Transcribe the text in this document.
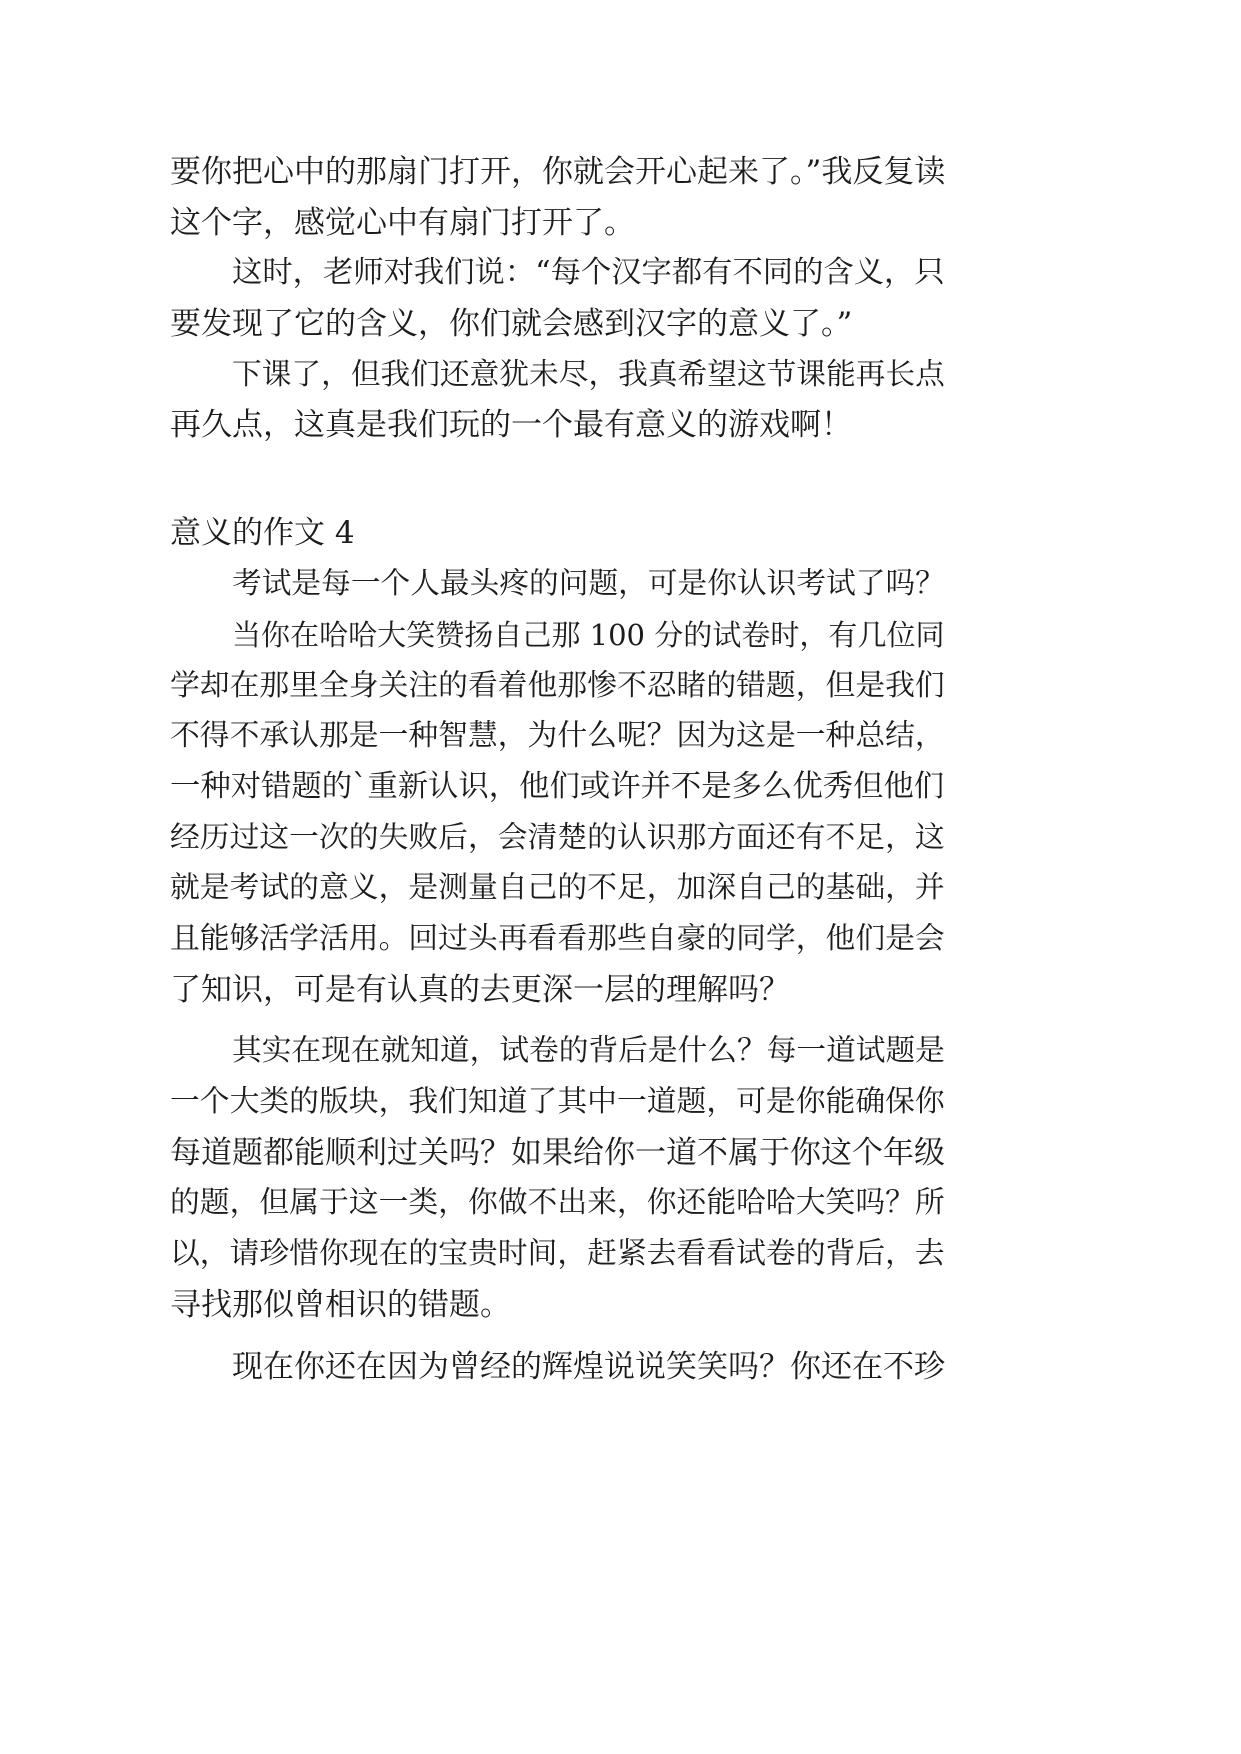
要你把心中的那扇门打开，你就会开心起来了。”我反复读

这个字，感觉心中有扇门打开了。

这时，老师对我们说：“每个汉字都有不同的含义，只

要发现了它的含义，你们就会感到汉字的意义了。”

下课了，但我们还意犹未尽，我真希望这节课能再长点

再久点，这真是我们玩的一个最有意义的游戏啊！

意义的作文 4

考试是每一个人最头疼的问题，可是你认识考试了吗？

当你在哈哈大笑赞扬自己那 100 分的试卷时，有几位同

学却在那里全身关注的看着他那惨不忍睹的错题，但是我们

不得不承认那是一种智慧，为什么呢？因为这是一种总结，

一种对错题的`重新认识，他们或许并不是多么优秀但他们

经历过这一次的失败后，会清楚的认识那方面还有不足，这

就是考试的意义，是测量自己的不足，加深自己的基础，并

且能够活学活用。回过头再看看那些自豪的同学，他们是会

了知识，可是有认真的去更深一层的理解吗？

其实在现在就知道，试卷的背后是什么？每一道试题是

一个大类的版块，我们知道了其中一道题，可是你能确保你

每道题都能顺利过关吗？如果给你一道不属于你这个年级

的题，但属于这一类，你做不出来，你还能哈哈大笑吗？所

以，请珍惜你现在的宝贵时间，赶紧去看看试卷的背后，去

寻找那似曾相识的错题。

现在你还在因为曾经的辉煌说说笑笑吗？你还在不珍
